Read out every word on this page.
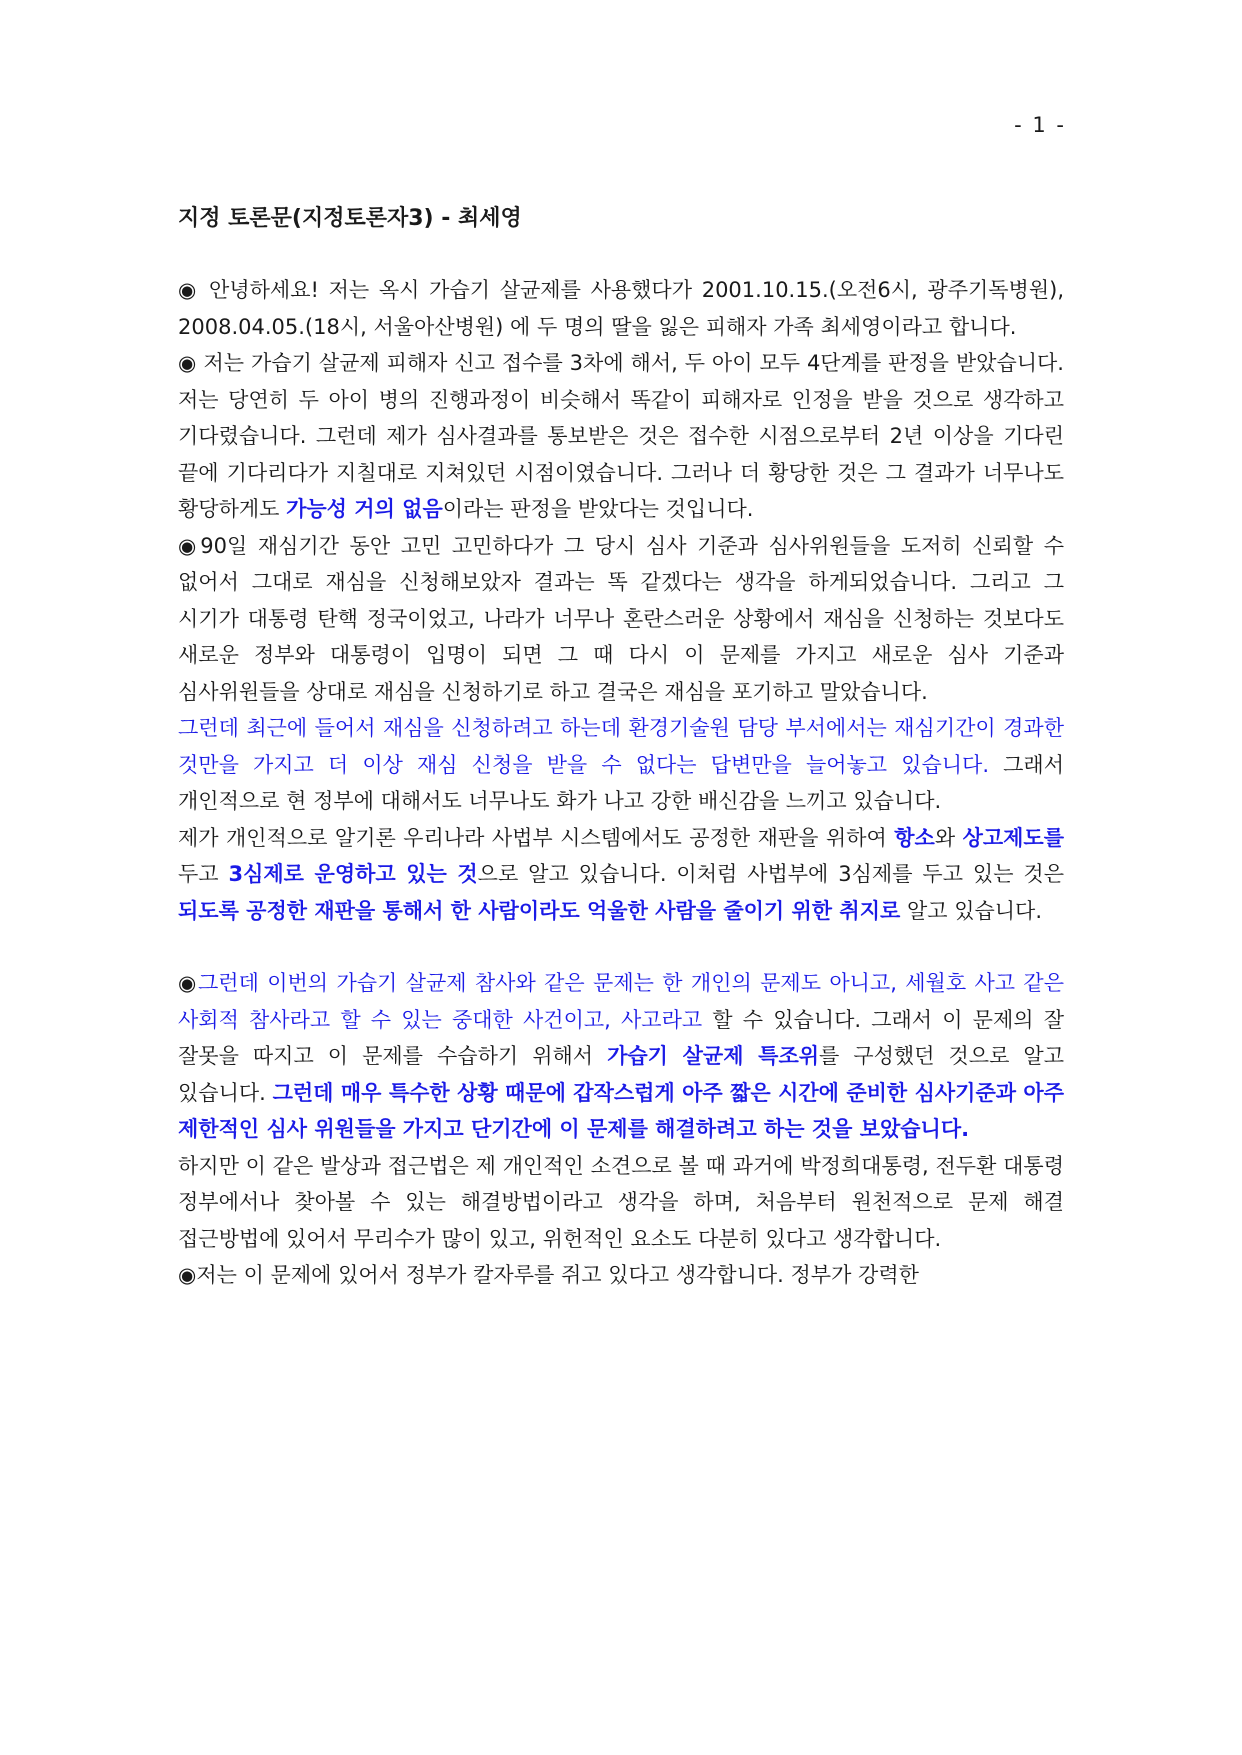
- 1 -
지정 토론문(지정토론자3) - 최세영

◉ 안녕하세요! 저는 옥시 가습기 살균제를 사용했다가 2001.10.15.(오전6시, 광주기독병원), 2008.04.05.(18시, 서울아산병원) 에 두 명의 딸을 잃은 피해자 가족 최세영이라고 합니다.

◉ 저는 가습기 살균제 피해자 신고 접수를 3차에 해서, 두 아이 모두 4단계를 판정을 받았습니다. 저는 당연히 두 아이 병의 진행과정이 비슷해서 똑같이 피해자로 인정을 받을 것으로 생각하고 기다렸습니다. 그런데 제가 심사결과를 통보받은 것은 접수한 시점으로부터 2년 이상을 기다린 끝에 기다리다가 지칠대로 지쳐있던 시점이였습니다. 그러나 더 황당한 것은 그 결과가 너무나도 황당하게도 가능성 거의 없음이라는 판정을 받았다는 것입니다.

◉90일 재심기간 동안 고민 고민하다가 그 당시 심사 기준과 심사위원들을 도저히 신뢰할 수 없어서 그대로 재심을 신청해보았자 결과는 똑 같겠다는 생각을 하게되었습니다. 그리고 그 시기가 대통령 탄핵 정국이었고, 나라가 너무나 혼란스러운 상황에서 재심을 신청하는 것보다도 새로운 정부와 대통령이 입명이 되면 그 때 다시 이 문제를 가지고 새로운 심사 기준과 심사위원들을 상대로 재심을 신청하기로 하고 결국은 재심을 포기하고 말았습니다.

그런데 최근에 들어서 재심을 신청하려고 하는데 환경기술원 담당 부서에서는 재심기간이 경과한 것만을 가지고 더 이상 재심 신청을 받을 수 없다는 답변만을 늘어놓고 있습니다. 그래서 개인적으로 현 정부에 대해서도 너무나도 화가 나고 강한 배신감을 느끼고 있습니다.

제가 개인적으로 알기론 우리나라 사법부 시스템에서도 공정한 재판을 위하여 항소와 상고제도를 두고 3심제로 운영하고 있는 것으로 알고 있습니다. 이처럼 사법부에 3심제를 두고 있는 것은 되도록 공정한 재판을 통해서 한 사람이라도 억울한 사람을 줄이기 위한 취지로 알고 있습니다.

◉그런데 이번의 가습기 살균제 참사와 같은 문제는 한 개인의 문제도 아니고, 세월호 사고 같은 사회적 참사라고 할 수 있는 중대한 사건이고, 사고라고 할 수 있습니다. 그래서 이 문제의 잘 잘못을 따지고 이 문제를 수습하기 위해서 가습기 살균제 특조위를 구성했던 것으로 알고 있습니다. 그런데 매우 특수한 상황 때문에 갑작스럽게 아주 짧은 시간에 준비한 심사기준과 아주 제한적인 심사 위원들을 가지고 단기간에 이 문제를 해결하려고 하는 것을 보았습니다.

하지만 이 같은 발상과 접근법은 제 개인적인 소견으로 볼 때 과거에 박정희대통령, 전두환 대통령 정부에서나 찾아볼 수 있는 해결방법이라고 생각을 하며, 처음부터 원천적으로 문제 해결 접근방법에 있어서 무리수가 많이 있고, 위헌적인 요소도 다분히 있다고 생각합니다.

◉저는 이 문제에 있어서 정부가 칼자루를 쥐고 있다고 생각합니다. 정부가 강력한
